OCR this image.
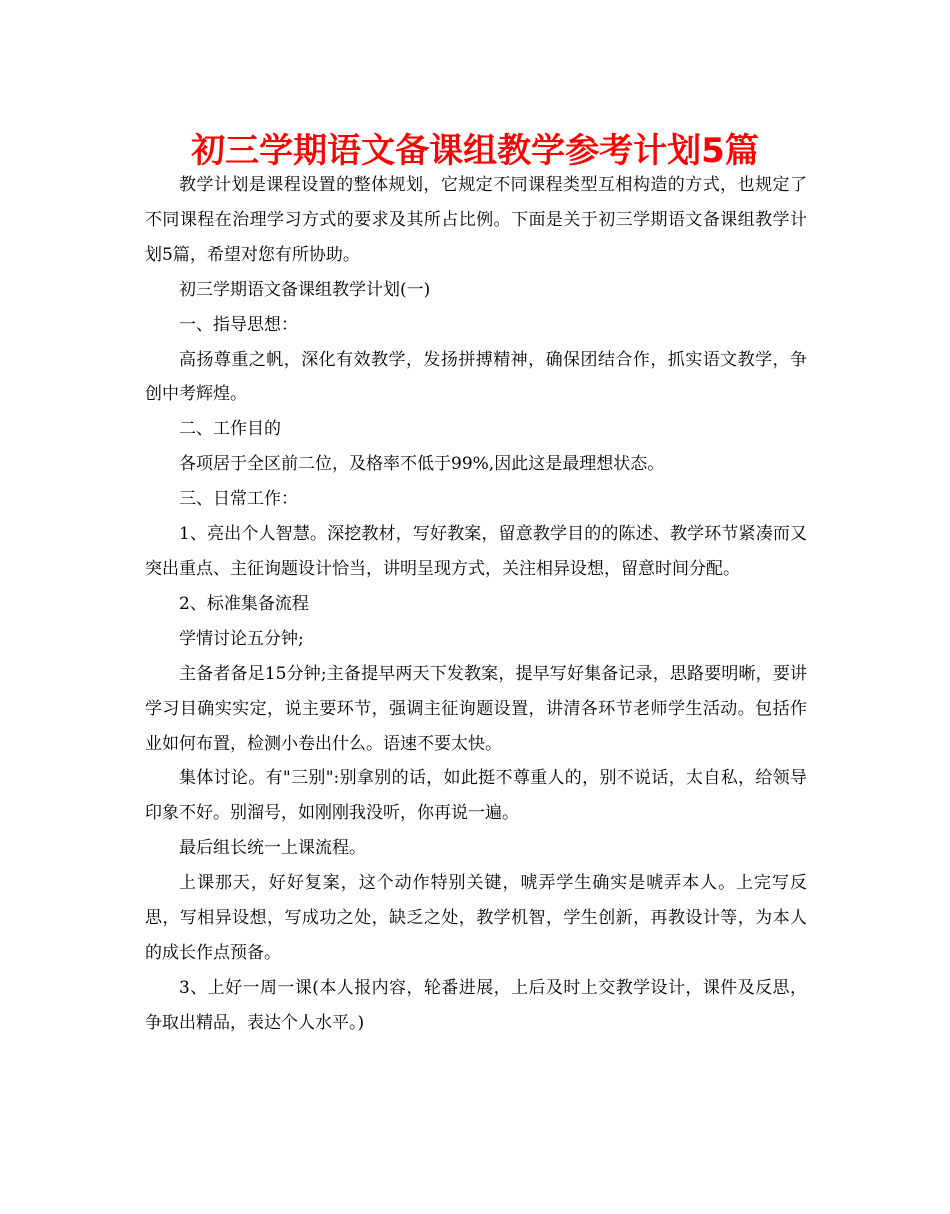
初三学期语文备课组教学参考计划5篇

教学计划是课程设置的整体规划，它规定不同课程类型互相构造的方式，也规定了不同课程在治理学习方式的要求及其所占比例。下面是关于初三学期语文备课组教学计划5篇，希望对您有所协助。

初三学期语文备课组教学计划(一)

一、指导思想：

高扬尊重之帆，深化有效教学，发扬拼搏精神，确保团结合作，抓实语文教学，争创中考辉煌。

二、工作目的

各项居于全区前二位，及格率不低于99%,因此这是最理想状态。

三、日常工作：

1、亮出个人智慧。深挖教材，写好教案，留意教学目的的陈述、教学环节紧凑而又突出重点、主征询题设计恰当，讲明呈现方式，关注相异设想，留意时间分配。

2、标准集备流程

学情讨论五分钟;

主备者备足15分钟;主备提早两天下发教案，提早写好集备记录，思路要明晰，要讲学习目确实实定，说主要环节，强调主征询题设置，讲清各环节老师学生活动。包括作业如何布置，检测小卷出什么。语速不要太快。

集体讨论。有"三别":别拿别的话，如此挺不尊重人的，别不说话，太自私，给领导印象不好。别溜号，如刚刚我没听，你再说一遍。

最后组长统一上课流程。

上课那天，好好复案，这个动作特别关键，唬弄学生确实是唬弄本人。上完写反思，写相异设想，写成功之处，缺乏之处，教学机智，学生创新，再教设计等，为本人的成长作点预备。

3、上好一周一课(本人报内容，轮番进展，上后及时上交教学设计，课件及反思，争取出精品，表达个人水平。)
